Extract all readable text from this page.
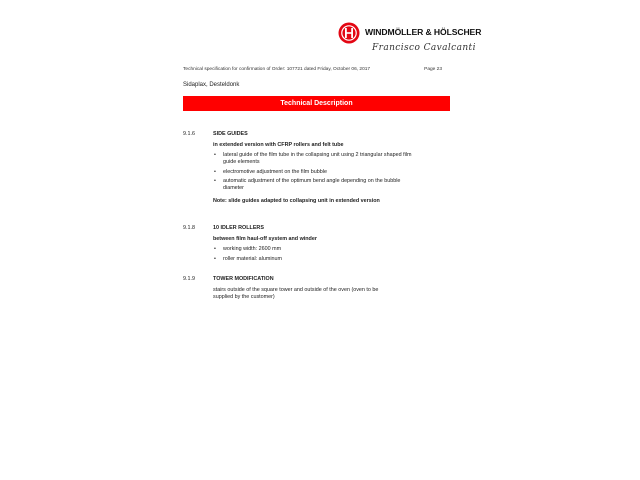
WINDMÖLLER & HÖLSCHER
Francisco Cavalcanti
Technical specification for confirmation of Order: 107721 dated Friday, October 06, 2017	Page 23
Sidaplax, Desteldonk
Technical Description
9.1.6	SIDE GUIDES
in extended version with CFRP rollers and felt tube
• lateral guide of the film tube in the collapsing unit using 2 triangular shaped film guide elements
• electromotive adjustment on the film bubble
• automatic adjustment of the optimum bend angle depending on the bubble diameter
Note: slide guides adapted to collapsing unit in extended version
9.1.8	10 IDLER ROLLERS
between film haul-off system and winder
• working width: 2600 mm
• roller material: aluminum
9.1.9	TOWER MODIFICATION
stairs outside of the square tower and outside of the oven (oven to be supplied by the customer)
